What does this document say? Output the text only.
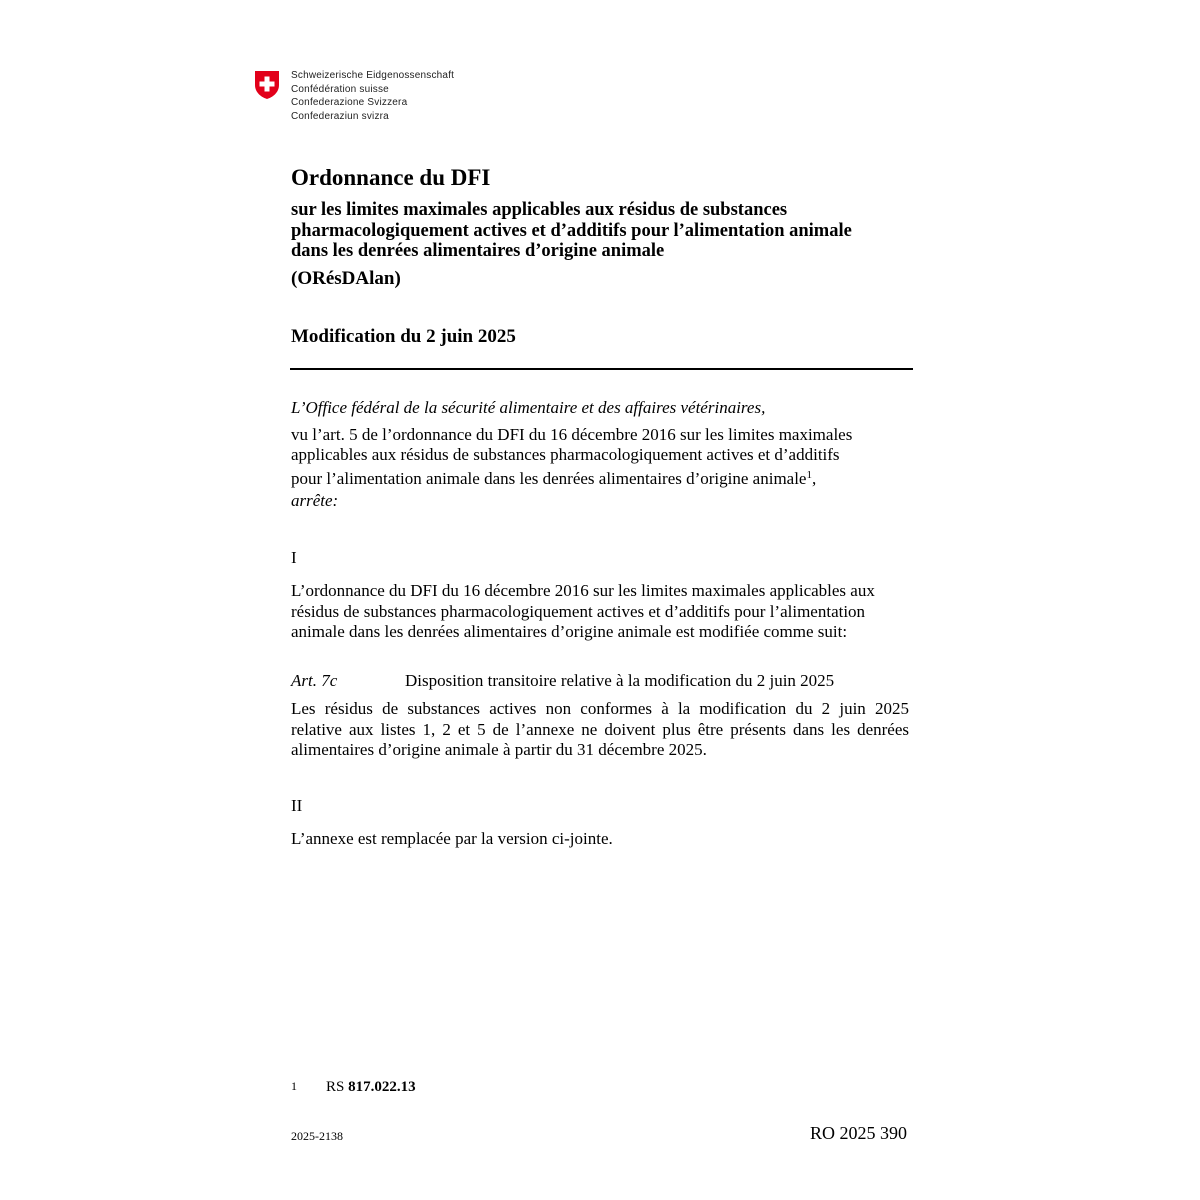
Schweizerische Eidgenossenschaft
Confédération suisse
Confederazione Svizzera
Confederaziun svizra
Ordonnance du DFI
sur les limites maximales applicables aux résidus de substances
pharmacologiquement actives et d’additifs pour l’alimentation animale
dans les denrées alimentaires d’origine animale
(ORésDAlan)
Modification du 2 juin 2025
L’Office fédéral de la sécurité alimentaire et des affaires vétérinaires,
vu l’art. 5 de l’ordonnance du DFI du 16 décembre 2016 sur les limites maximales
applicables aux résidus de substances pharmacologiquement actives et d’additifs
pour l’alimentation animale dans les denrées alimentaires d’origine animale$^1$,
arrête:
I
L’ordonnance du DFI du 16 décembre 2016 sur les limites maximales applicables aux
résidus de substances pharmacologiquement actives et d’additifs pour l’alimentation
animale dans les denrées alimentaires d’origine animale est modifiée comme suit:
Art. 7c	Disposition transitoire relative à la modification du 2 juin 2025
Les résidus de substances actives non conformes à la modification du 2 juin 2025
relative aux listes 1, 2 et 5 de l’annexe ne doivent plus être présents dans les denrées
alimentaires d’origine animale à partir du 31 décembre 2025.
II
L’annexe est remplacée par la version ci-jointe.
1 RS 817.022.13
2025-2138	RO 2025 390
